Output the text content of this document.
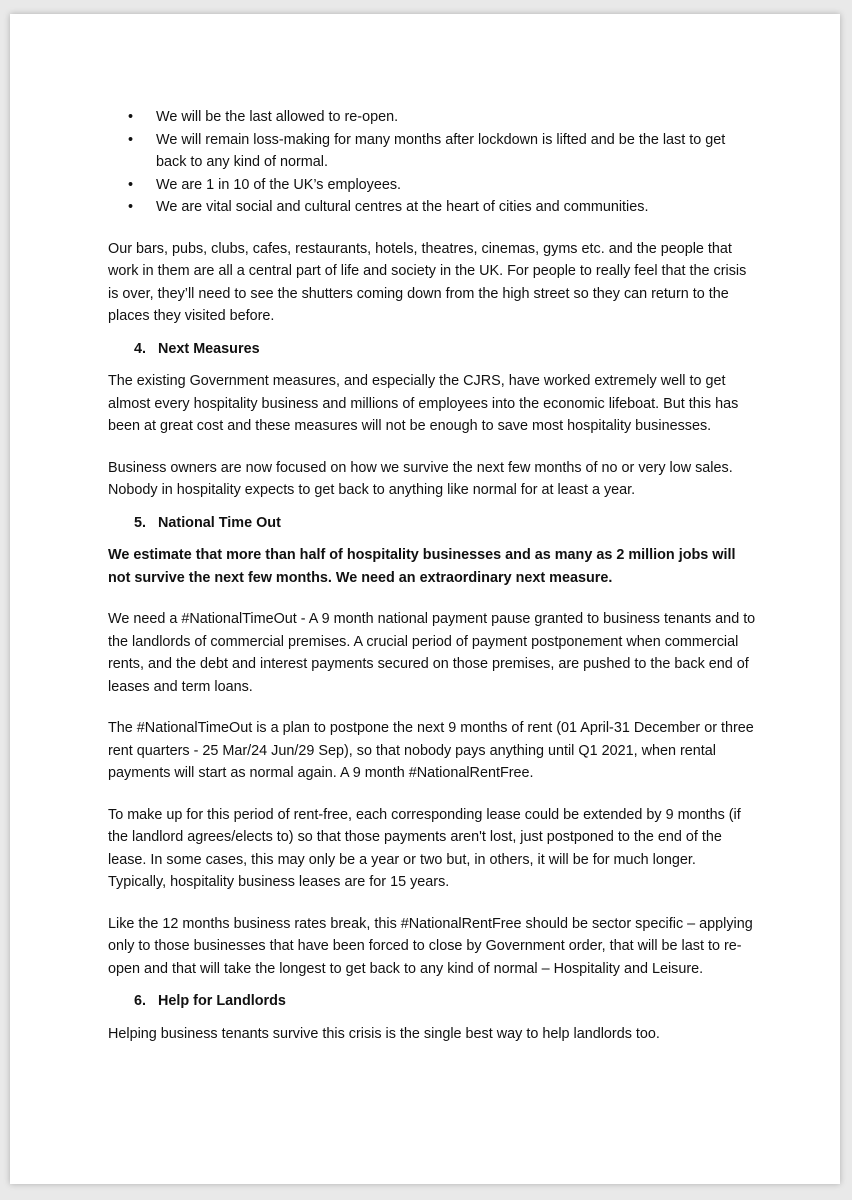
• We will be the last allowed to re-open.
• We will remain loss-making for many months after lockdown is lifted and be the last to get back to any kind of normal.
• We are 1 in 10 of the UK’s employees.
• We are vital social and cultural centres at the heart of cities and communities.

Our bars, pubs, clubs, cafes, restaurants, hotels, theatres, cinemas, gyms etc. and the people that work in them are all a central part of life and society in the UK. For people to really feel that the crisis is over, they’ll need to see the shutters coming down from the high street so they can return to the places they visited before.

4. Next Measures

The existing Government measures, and especially the CJRS, have worked extremely well to get almost every hospitality business and millions of employees into the economic lifeboat. But this has been at great cost and these measures will not be enough to save most hospitality businesses.

Business owners are now focused on how we survive the next few months of no or very low sales. Nobody in hospitality expects to get back to anything like normal for at least a year.

5. National Time Out

We estimate that more than half of hospitality businesses and as many as 2 million jobs will not survive the next few months. We need an extraordinary next measure.

We need a #NationalTimeOut - A 9 month national payment pause granted to business tenants and to the landlords of commercial premises. A crucial period of payment postponement when commercial rents, and the debt and interest payments secured on those premises, are pushed to the back end of leases and term loans.

The #NationalTimeOut is a plan to postpone the next 9 months of rent (01 April-31 December or three rent quarters - 25 Mar/24 Jun/29 Sep), so that nobody pays anything until Q1 2021, when rental payments will start as normal again. A 9 month #NationalRentFree.

To make up for this period of rent-free, each corresponding lease could be extended by 9 months (if the landlord agrees/elects to) so that those payments aren't lost, just postponed to the end of the lease. In some cases, this may only be a year or two but, in others, it will be for much longer. Typically, hospitality business leases are for 15 years.

Like the 12 months business rates break, this #NationalRentFree should be sector specific – applying only to those businesses that have been forced to close by Government order, that will be last to re-open and that will take the longest to get back to any kind of normal – Hospitality and Leisure.

6. Help for Landlords

Helping business tenants survive this crisis is the single best way to help landlords too.
